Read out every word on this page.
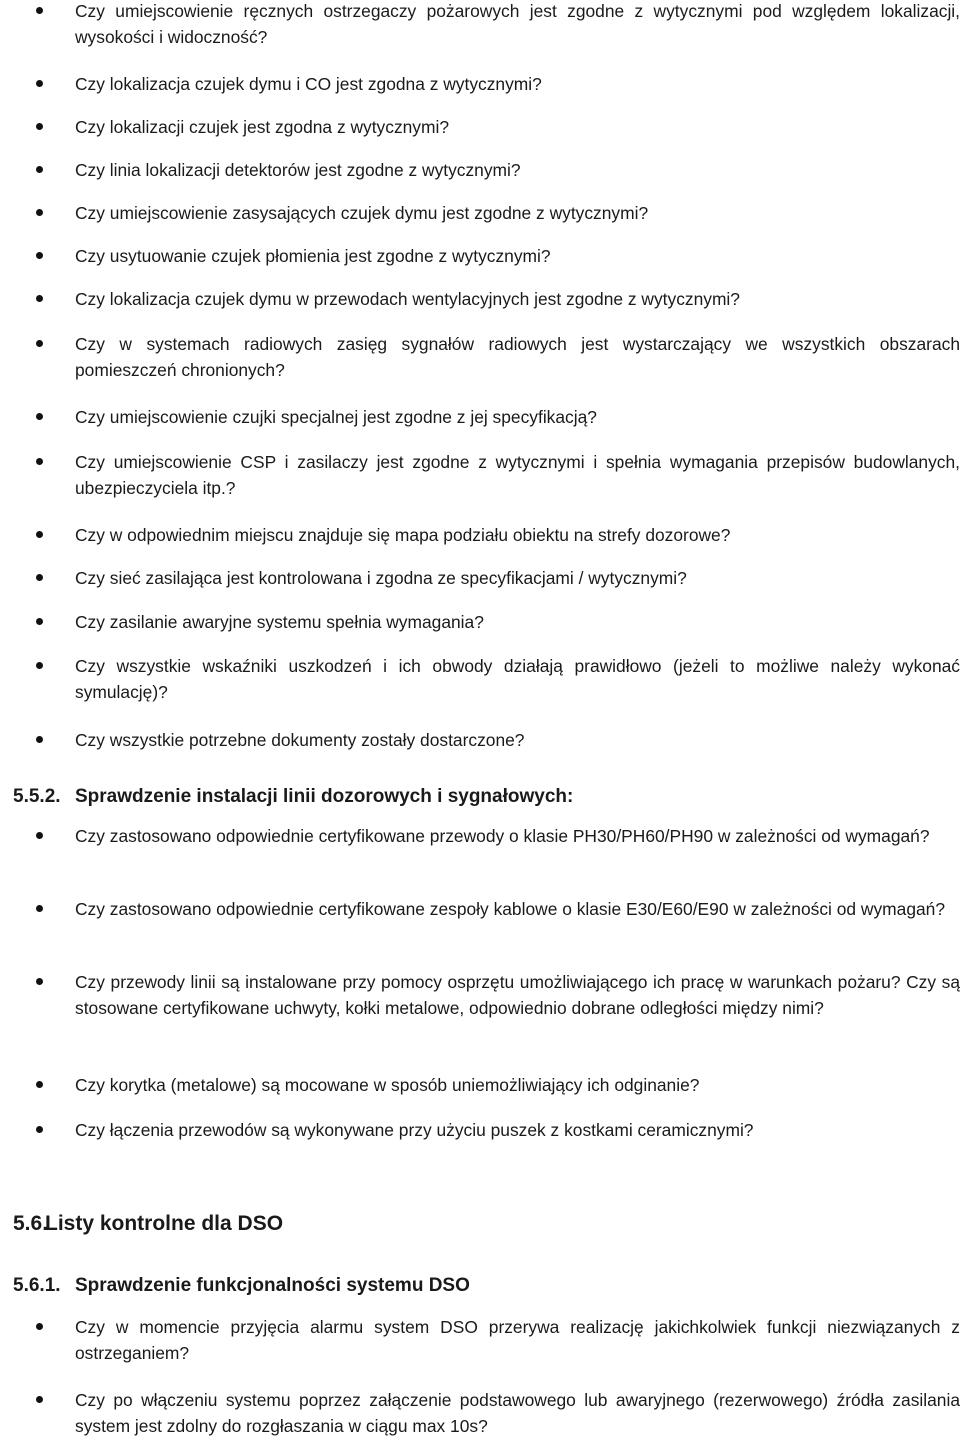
Czy umiejscowienie ręcznych ostrzegaczy pożarowych jest zgodne z wytycznymi pod względem lokalizacji, wysokości i widoczność?
Czy lokalizacja czujek dymu i CO jest zgodna z wytycznymi?
Czy lokalizacji czujek jest zgodna z wytycznymi?
Czy linia lokalizacji detektorów jest zgodne z wytycznymi?
Czy umiejscowienie zasysających czujek dymu jest zgodne z wytycznymi?
Czy usytuowanie czujek płomienia jest zgodne z wytycznymi?
Czy lokalizacja czujek dymu w przewodach wentylacyjnych jest zgodne z wytycznymi?
Czy w systemach radiowych zasięg sygnałów radiowych jest wystarczający we wszystkich obszarach pomieszczeń chronionych?
Czy umiejscowienie czujki specjalnej jest zgodne z jej specyfikacją?
Czy umiejscowienie CSP i zasilaczy jest zgodne z wytycznymi i spełnia wymagania przepisów budowlanych, ubezpieczyciela itp.?
Czy w odpowiednim miejscu znajduje się mapa podziału obiektu na strefy dozorowe?
Czy sieć zasilająca jest kontrolowana i zgodna ze specyfikacjami / wytycznymi?
Czy zasilanie awaryjne systemu spełnia wymagania?
Czy wszystkie wskaźniki uszkodzeń i ich obwody działają prawidłowo (jeżeli to możliwe należy wykonać symulację)?
Czy wszystkie potrzebne dokumenty zostały dostarczone?
5.5.2. Sprawdzenie instalacji linii dozorowych i sygnałowych:
Czy zastosowano odpowiednie certyfikowane przewody o klasie PH30/PH60/PH90 w zależności od wymagań?
Czy zastosowano odpowiednie certyfikowane zespoły kablowe o klasie E30/E60/E90 w zależności od wymagań?
Czy przewody linii są instalowane przy pomocy osprzętu umożliwiającego ich pracę w warunkach pożaru? Czy są stosowane certyfikowane uchwyty, kołki metalowe, odpowiednio dobrane odległości między nimi?
Czy korytka (metalowe) są mocowane w sposób uniemożliwiający ich odginanie?
Czy łączenia przewodów są wykonywane przy użyciu puszek z kostkami ceramicznymi?
5.6.Listy kontrolne dla DSO
5.6.1. Sprawdzenie funkcjonalności systemu DSO
Czy w momencie przyjęcia alarmu system DSO przerywa realizację jakichkolwiek funkcji niezwiązanych z ostrzeganiem?
Czy po włączeniu systemu poprzez załączenie podstawowego lub awaryjnego (rezerwowego) źródła zasilania system jest zdolny do rozgłaszania w ciągu max 10s?
